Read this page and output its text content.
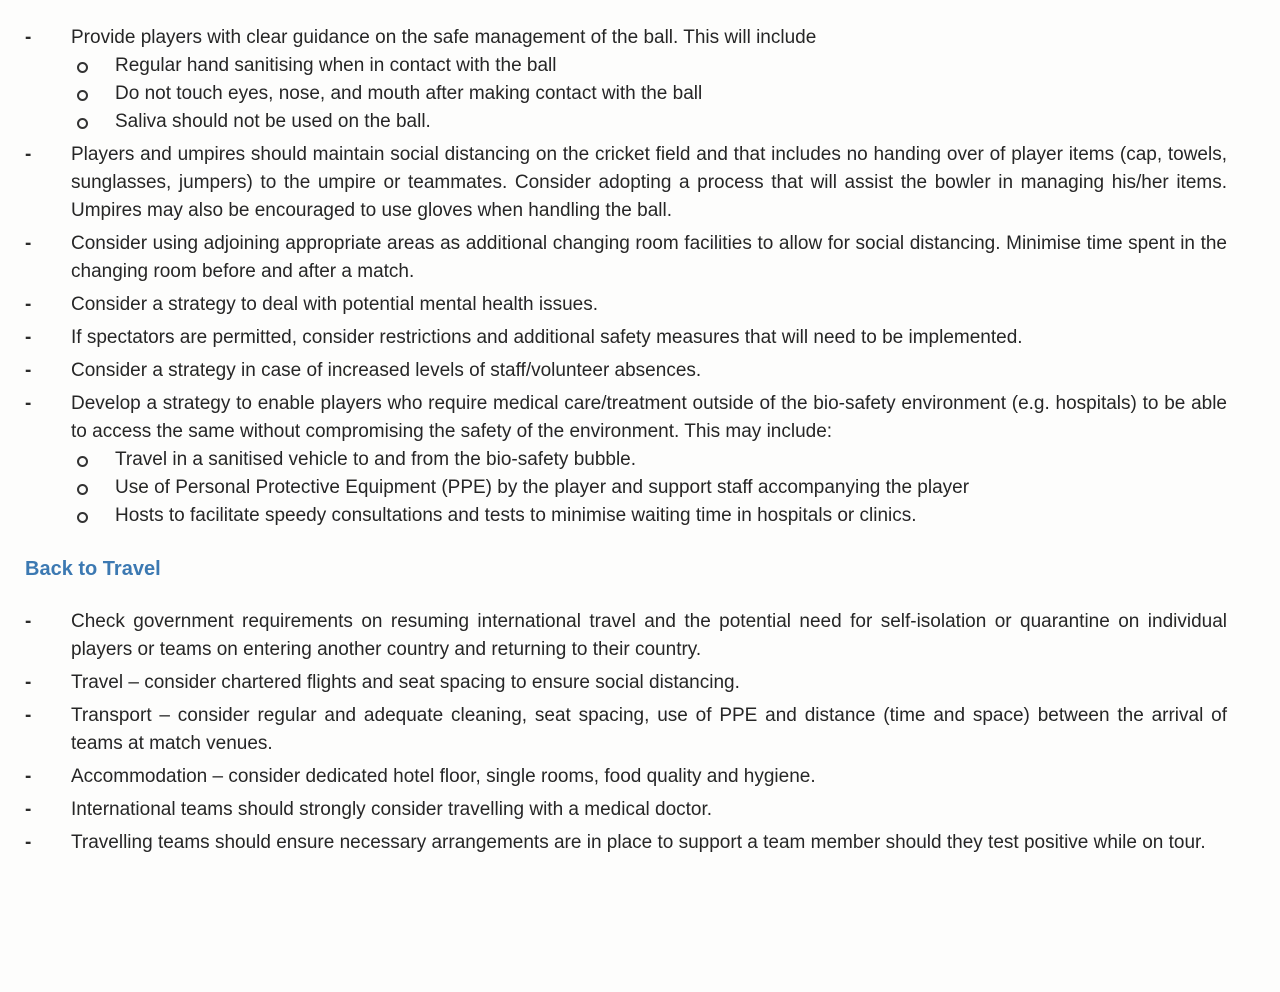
-	Provide players with clear guidance on the safe management of the ball. This will include
Regular hand sanitising when in contact with the ball
Do not touch eyes, nose, and mouth after making contact with the ball
Saliva should not be used on the ball.
-	Players and umpires should maintain social distancing on the cricket field and that includes no handing over of player items (cap, towels, sunglasses, jumpers) to the umpire or teammates. Consider adopting a process that will assist the bowler in managing his/her items. Umpires may also be encouraged to use gloves when handling the ball.
-	Consider using adjoining appropriate areas as additional changing room facilities to allow for social distancing. Minimise time spent in the changing room before and after a match.
-	Consider a strategy to deal with potential mental health issues.
-	If spectators are permitted, consider restrictions and additional safety measures that will need to be implemented.
-	Consider a strategy in case of increased levels of staff/volunteer absences.
-	Develop a strategy to enable players who require medical care/treatment outside of the bio-safety environment (e.g. hospitals) to be able to access the same without compromising the safety of the environment. This may include:
Travel in a sanitised vehicle to and from the bio-safety bubble.
Use of Personal Protective Equipment (PPE) by the player and support staff accompanying the player
Hosts to facilitate speedy consultations and tests to minimise waiting time in hospitals or clinics.
Back to Travel
-	Check government requirements on resuming international travel and the potential need for self-isolation or quarantine on individual players or teams on entering another country and returning to their country.
-	Travel – consider chartered flights and seat spacing to ensure social distancing.
-	Transport – consider regular and adequate cleaning, seat spacing, use of PPE and distance (time and space) between the arrival of teams at match venues.
-	Accommodation – consider dedicated hotel floor, single rooms, food quality and hygiene.
-	International teams should strongly consider travelling with a medical doctor.
-	Travelling teams should ensure necessary arrangements are in place to support a team member should they test positive while on tour.
